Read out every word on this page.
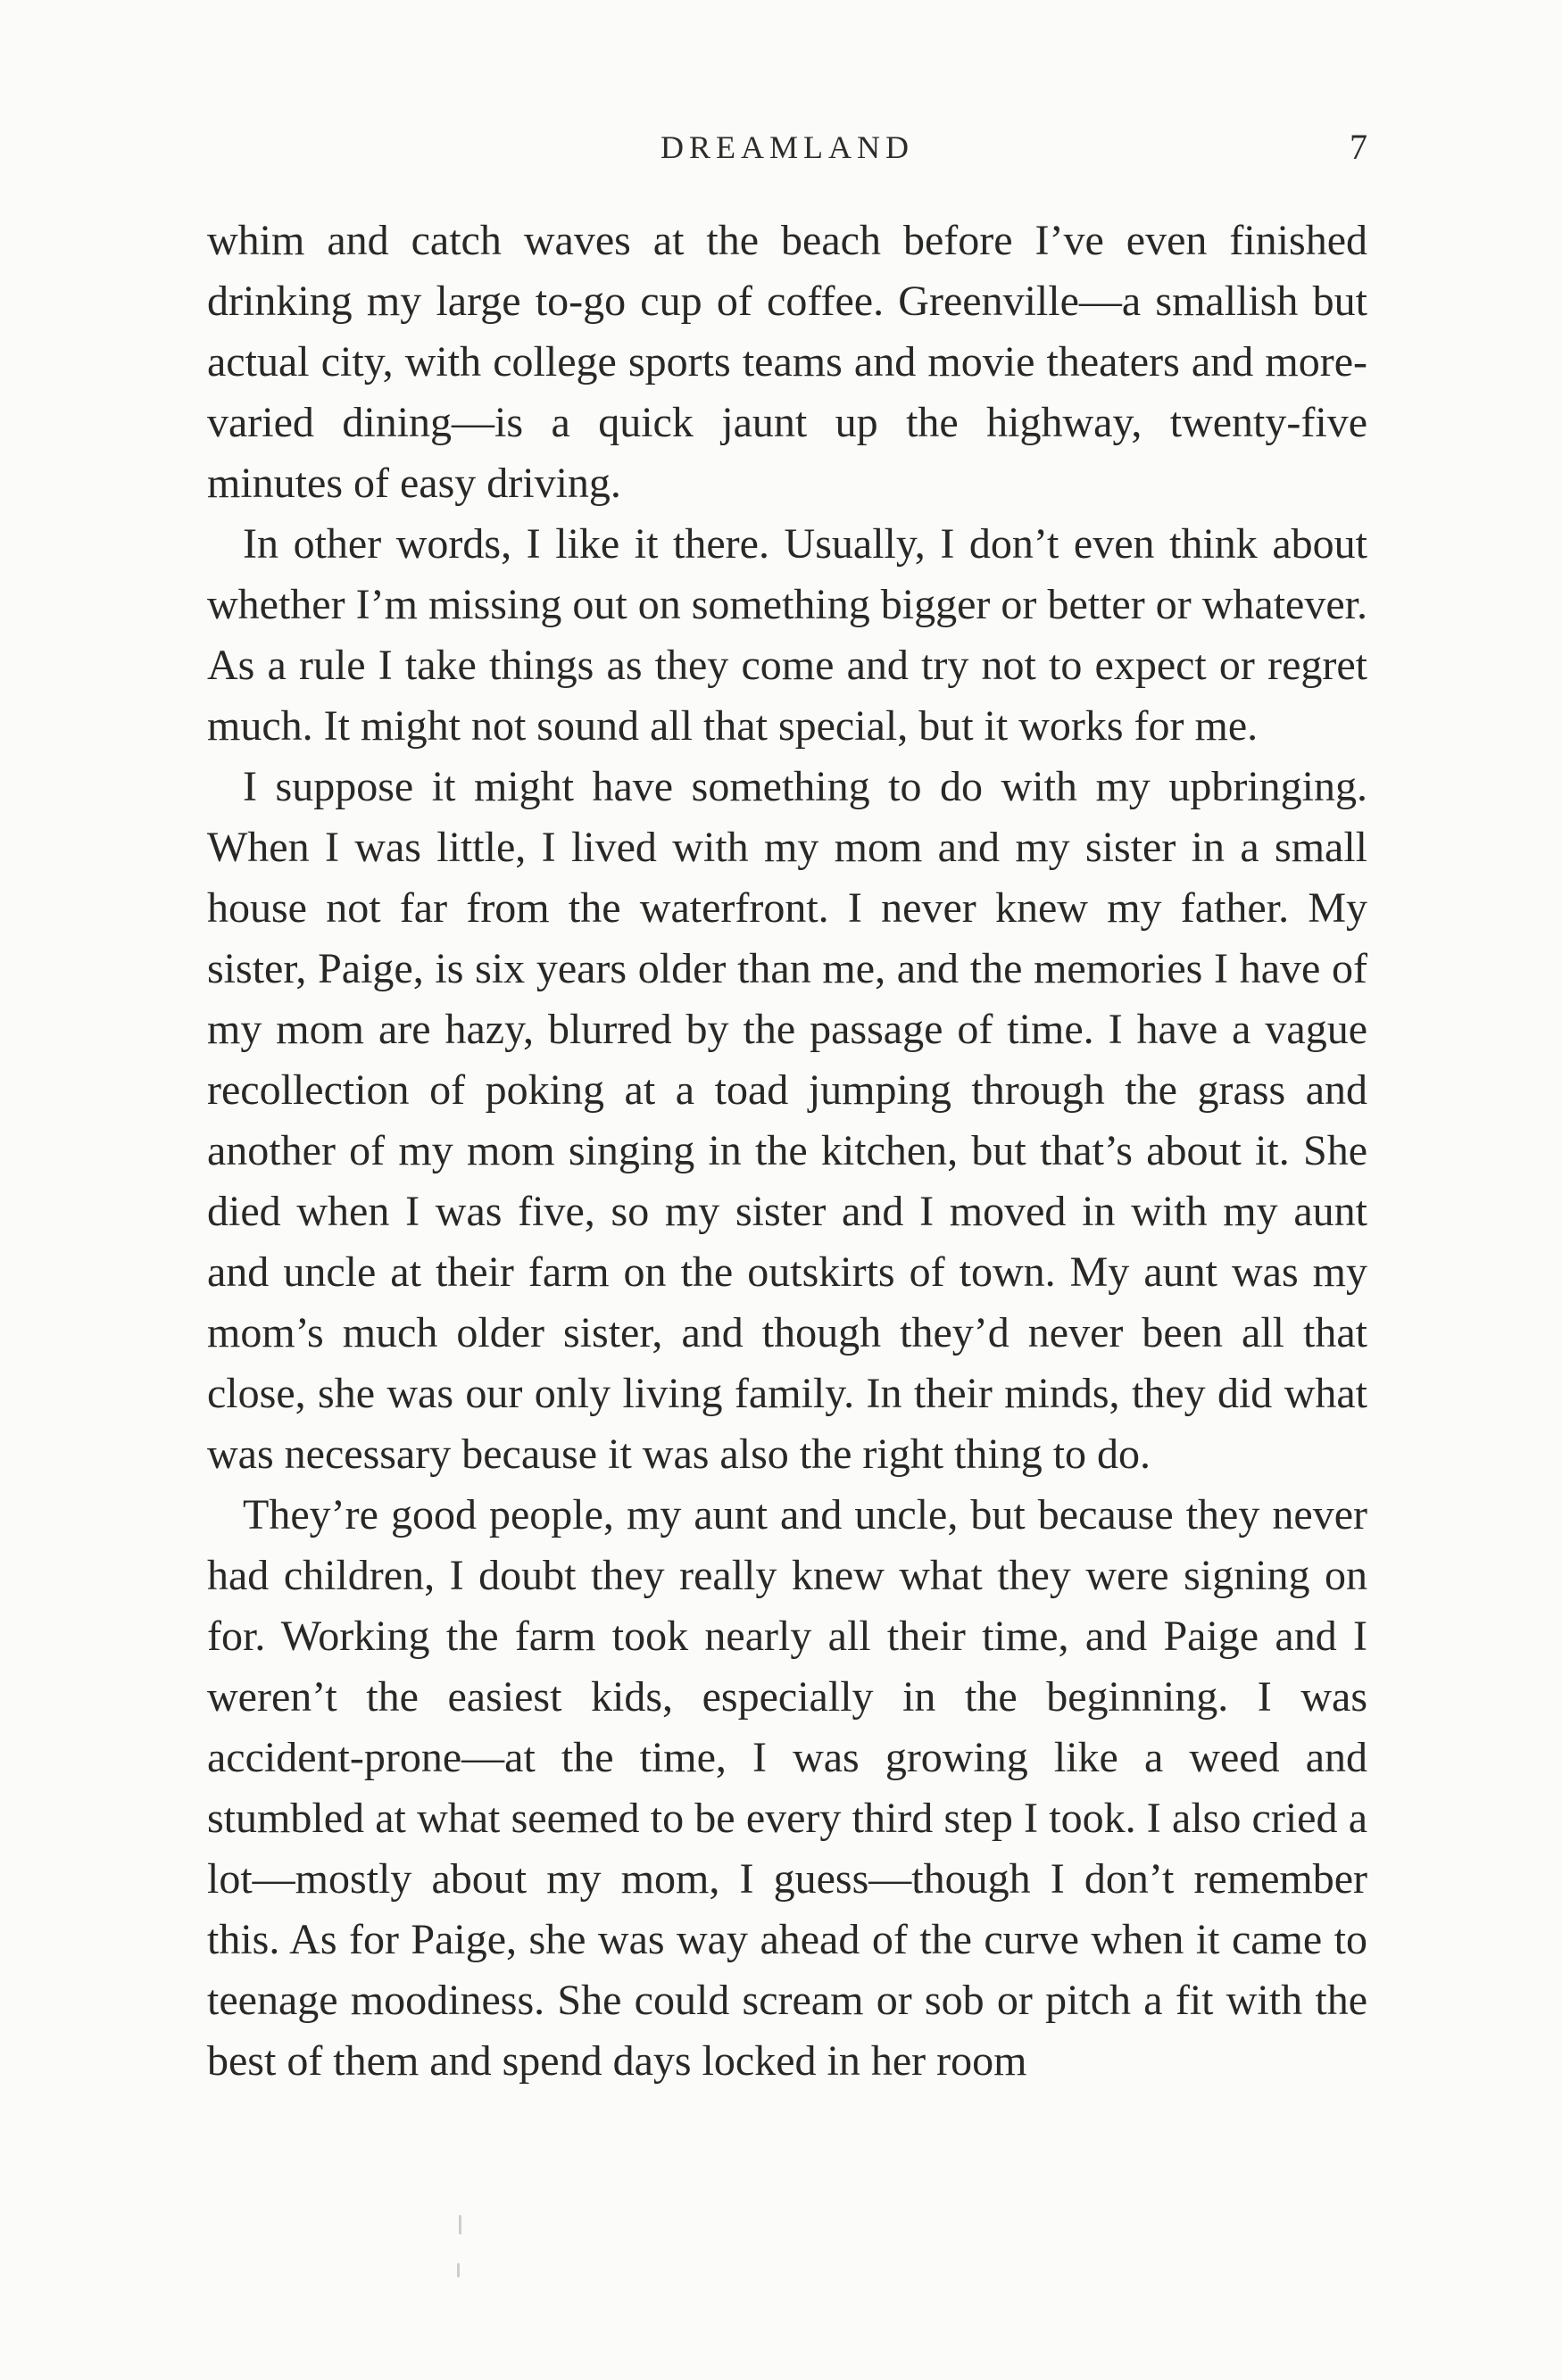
DREAMLAND	7

whim and catch waves at the beach before I’ve even finished drinking my large to-go cup of coffee. Greenville—a smallish but actual city, with college sports teams and movie theaters and more-varied dining—is a quick jaunt up the highway, twenty-five minutes of easy driving.

In other words, I like it there. Usually, I don’t even think about whether I’m missing out on something bigger or better or whatever. As a rule I take things as they come and try not to expect or regret much. It might not sound all that special, but it works for me.

I suppose it might have something to do with my upbringing. When I was little, I lived with my mom and my sister in a small house not far from the waterfront. I never knew my father. My sister, Paige, is six years older than me, and the memories I have of my mom are hazy, blurred by the passage of time. I have a vague recollection of poking at a toad jumping through the grass and another of my mom singing in the kitchen, but that’s about it. She died when I was five, so my sister and I moved in with my aunt and uncle at their farm on the outskirts of town. My aunt was my mom’s much older sister, and though they’d never been all that close, she was our only living family. In their minds, they did what was necessary because it was also the right thing to do.

They’re good people, my aunt and uncle, but because they never had children, I doubt they really knew what they were signing on for. Working the farm took nearly all their time, and Paige and I weren’t the easiest kids, especially in the beginning. I was accident-prone—at the time, I was growing like a weed and stumbled at what seemed to be every third step I took. I also cried a lot—mostly about my mom, I guess—though I don’t remember this. As for Paige, she was way ahead of the curve when it came to teenage moodiness. She could scream or sob or pitch a fit with the best of them and spend days locked in her room
